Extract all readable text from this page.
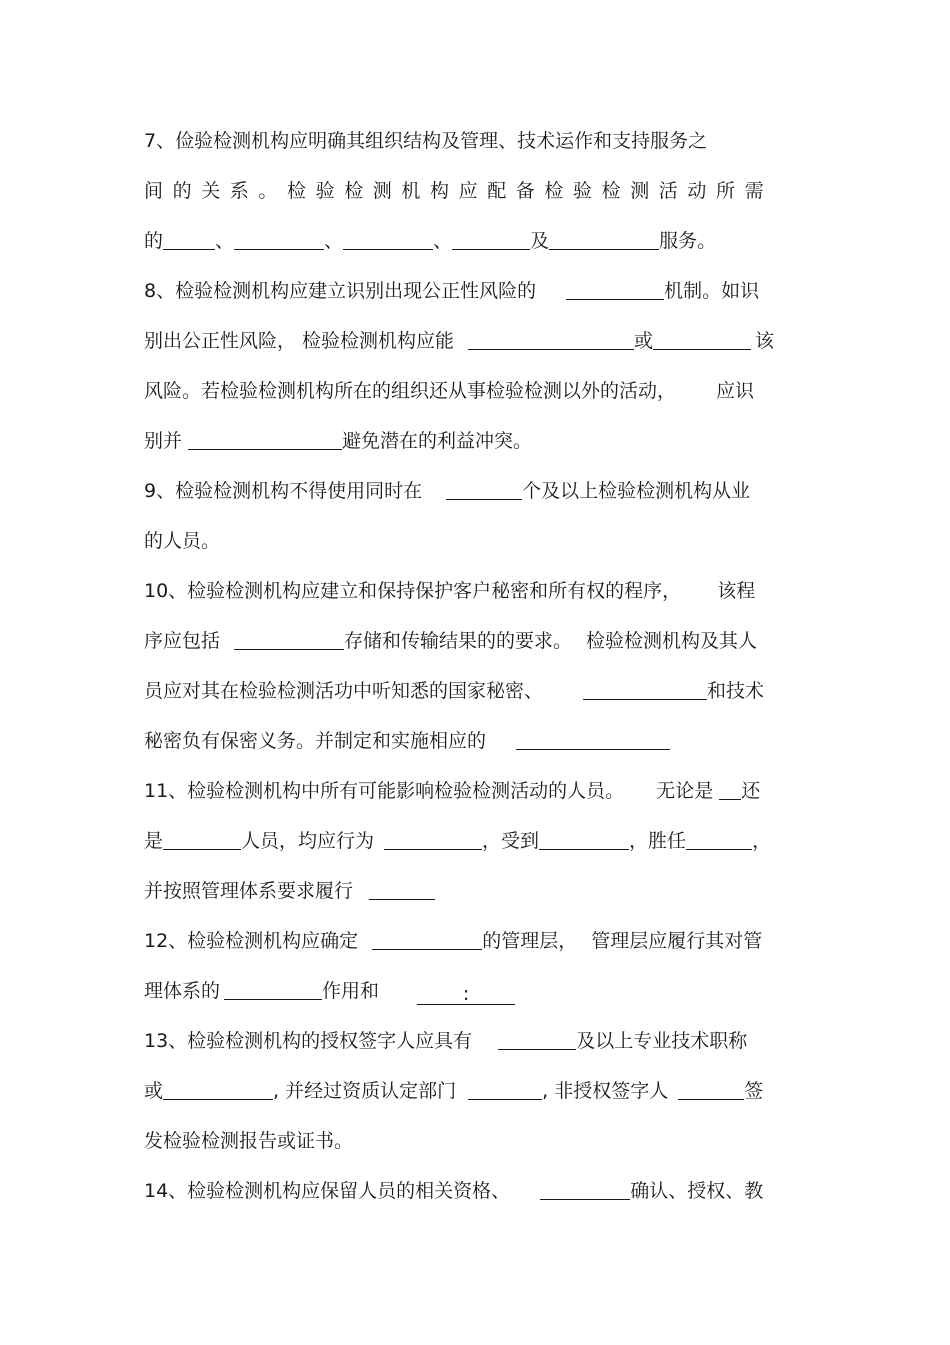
7、俭验检测机构应明确其组织结构及管理、技术运作和支持服务之
间的关系。检验检测机构应配备检验检测活动所需
的	、	、	、	及	服务。
8、检验检测机构应建立识别出现公正性风险的	机制。如识
别出公正性风险， 检验检测机构应能	或	该
风险。若检验检测机构所在的组织还从事检验检测以外的活动， 应识
别并	避免潜在的利益冲突。
9、检验检测机构不得使用同时在	个及以上检验检测机构从业
的人员。
10、检验检测机构应建立和保持保护客户秘密和所有权的程序， 该程
序应包括	存储和传输结果的的要求。 检验检测机构及其人
员应对其在检验检测活功中听知悉的国家秘密、	和技术
秘密负有保密义务。并制定和实施相应的
11、检验检测机构中所有可能影响检验检测活动的人员。 无论是 还
是	人员，均应行为	，受到	，胜任	，
并按照管理体系要求履行
12、检验检测机构应确定	的管理层， 管理层应履行其对管
理体系的	作用和	:
13、检验检测机构的授权签字人应具有	及以上专业技术职称
或	, 并经过资质认定部门	, 非授权签字人	签
发检验检测报告或证书。
14、检验检测机构应保留人员的相关资格、	确认、授权、教
